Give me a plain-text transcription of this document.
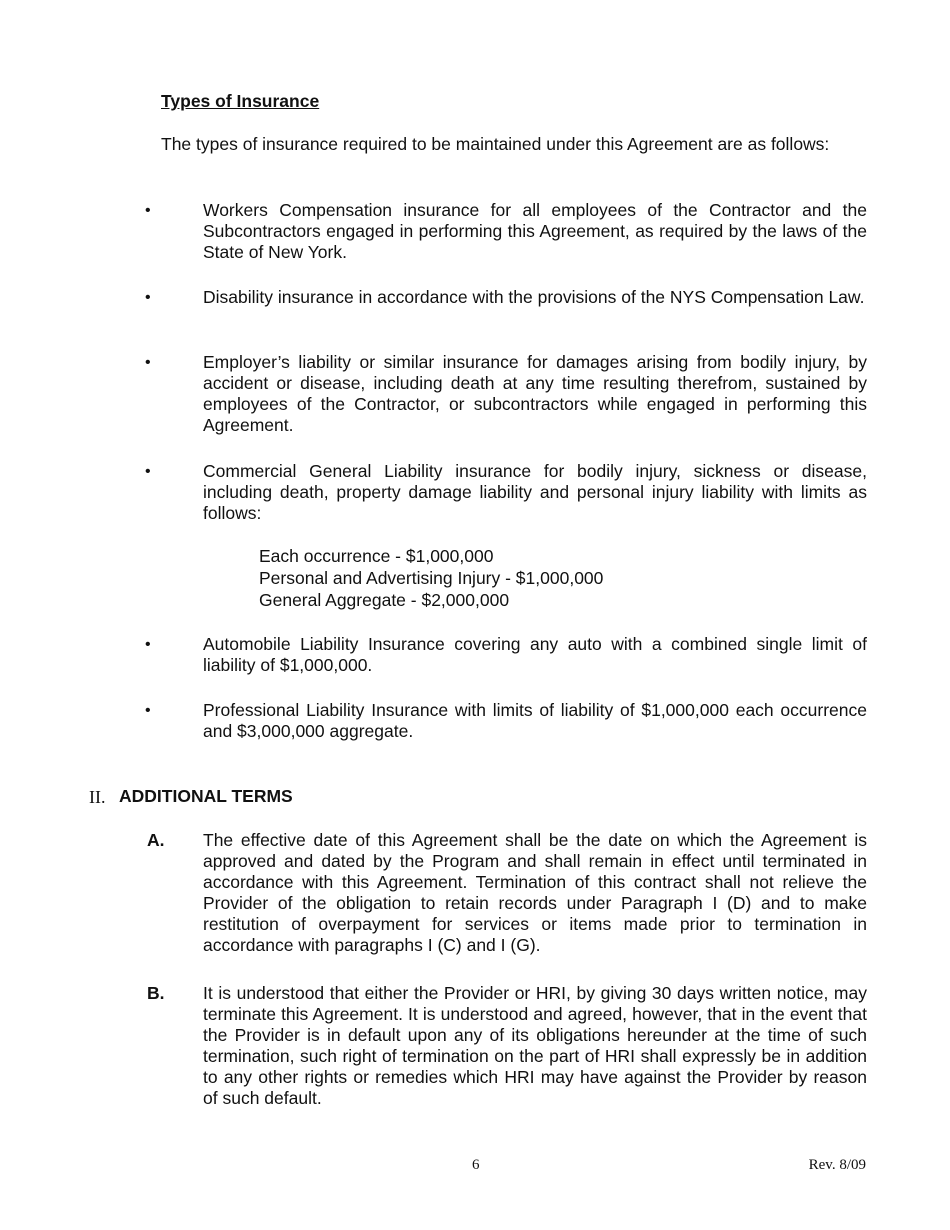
Types of Insurance
The types of insurance required to be maintained under this Agreement are as follows:
•	Workers Compensation insurance for all employees of the Contractor and the Subcontractors engaged in performing this Agreement, as required by the laws of the State of New York.
•	Disability insurance in accordance with the provisions of the NYS Compensation Law.
•	Employer’s liability or similar insurance for damages arising from bodily injury, by accident or disease, including death at any time resulting therefrom, sustained by employees of the Contractor, or subcontractors while engaged in performing this Agreement.
•	Commercial General Liability insurance for bodily injury, sickness or disease, including death, property damage liability and personal injury liability with limits as follows:
Each occurrence - $1,000,000
Personal and Advertising Injury - $1,000,000
General Aggregate - $2,000,000
•	Automobile Liability Insurance covering any auto with a combined single limit of liability of $1,000,000.
•	Professional Liability Insurance with limits of liability of $1,000,000 each occurrence and $3,000,000 aggregate.
II. ADDITIONAL TERMS
A. The effective date of this Agreement shall be the date on which the Agreement is approved and dated by the Program and shall remain in effect until terminated in accordance with this Agreement. Termination of this contract shall not relieve the Provider of the obligation to retain records under Paragraph I (D) and to make restitution of overpayment for services or items made prior to termination in accordance with paragraphs I (C) and I (G).
B. It is understood that either the Provider or HRI, by giving 30 days written notice, may terminate this Agreement. It is understood and agreed, however, that in the event that the Provider is in default upon any of its obligations hereunder at the time of such termination, such right of termination on the part of HRI shall expressly be in addition to any other rights or remedies which HRI may have against the Provider by reason of such default.
6	Rev. 8/09
